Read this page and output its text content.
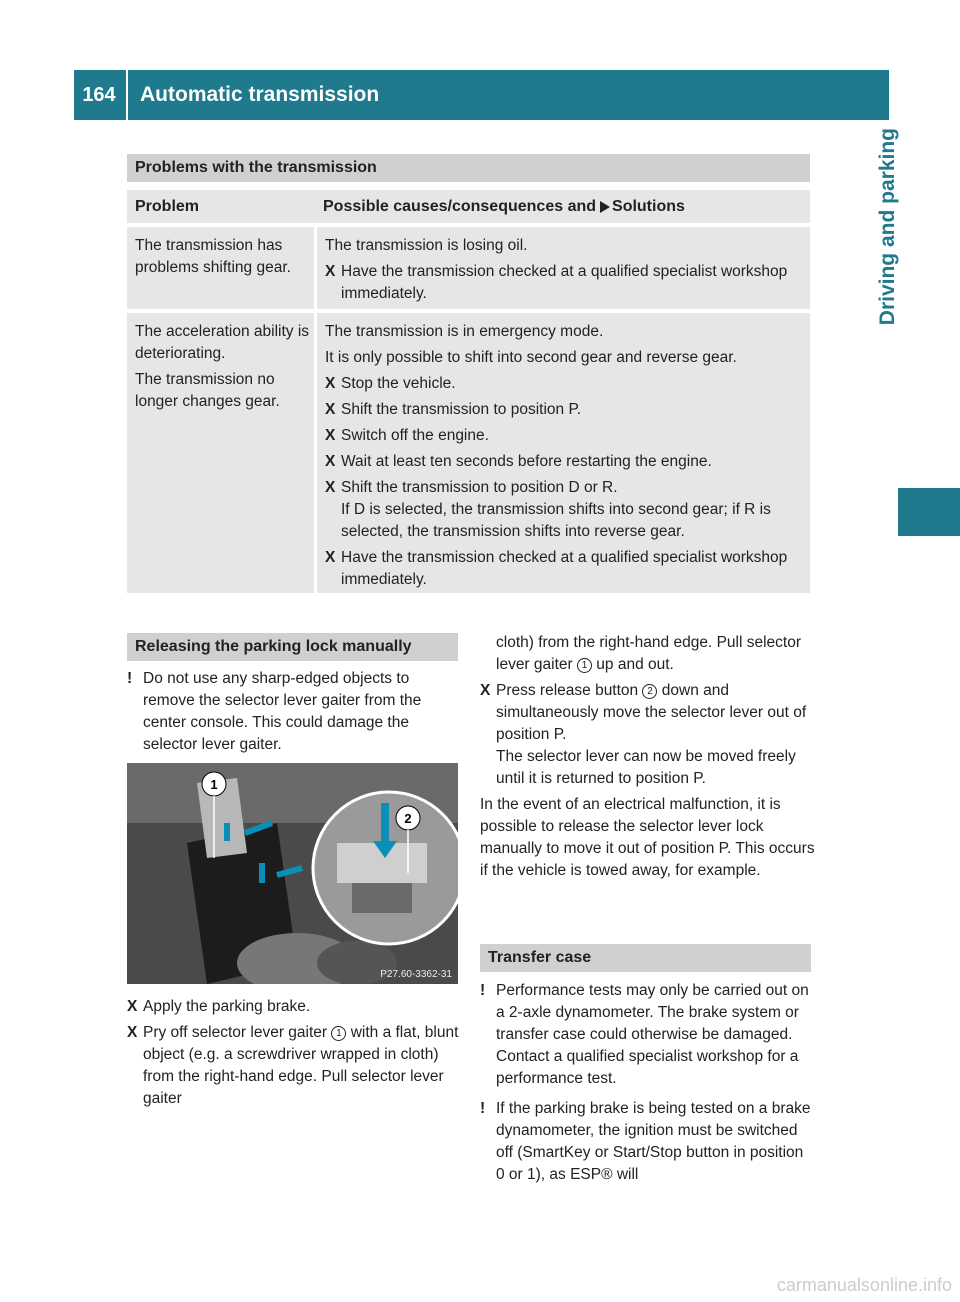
164	Automatic transmission
Driving and parking
Problems with the transmission
Problem	Possible causes/consequences and Solutions

The transmission has problems shifting gear.

The transmission is losing oil.

X Have the transmission checked at a qualified specialist workshop immediately.

The acceleration ability is deteriorating.

The transmission no longer changes gear.

The transmission is in emergency mode.

It is only possible to shift into second gear and reverse gear.

X Stop the vehicle.
X Shift the transmission to position P.
X Switch off the engine.
X Wait at least ten seconds before restarting the engine.
X Shift the transmission to position D or R.
If D is selected, the transmission shifts into second gear; if R is selected, the transmission shifts into reverse gear.
X Have the transmission checked at a qualified specialist workshop immediately.
Releasing the parking lock manually

! Do not use any sharp-edged objects to remove the selector lever gaiter from the center console. This could damage the selector lever gaiter.

1
2
P27.60-3362-31
X Apply the parking brake.
X Pry off selector lever gaiter 1 with a flat, blunt object (e.g. a screwdriver wrapped in cloth) from the right-hand edge. Pull selector lever gaiter
cloth) from the right-hand edge. Pull selector lever gaiter 1 up and out.
X Press release button 2 down and simultaneously move the selector lever out of position P.
The selector lever can now be moved freely until it is returned to position P.

In the event of an electrical malfunction, it is possible to release the selector lever lock manually to move it out of position P. This occurs if the vehicle is towed away, for example.

Transfer case

! Performance tests may only be carried out on a 2-axle dynamometer. The brake system or transfer case could otherwise be damaged. Contact a qualified specialist workshop for a performance test.

! If the parking brake is being tested on a brake dynamometer, the ignition must be switched off (SmartKey or Start/Stop button in position 0 or 1), as ESP® will

carmanualsonline.info
